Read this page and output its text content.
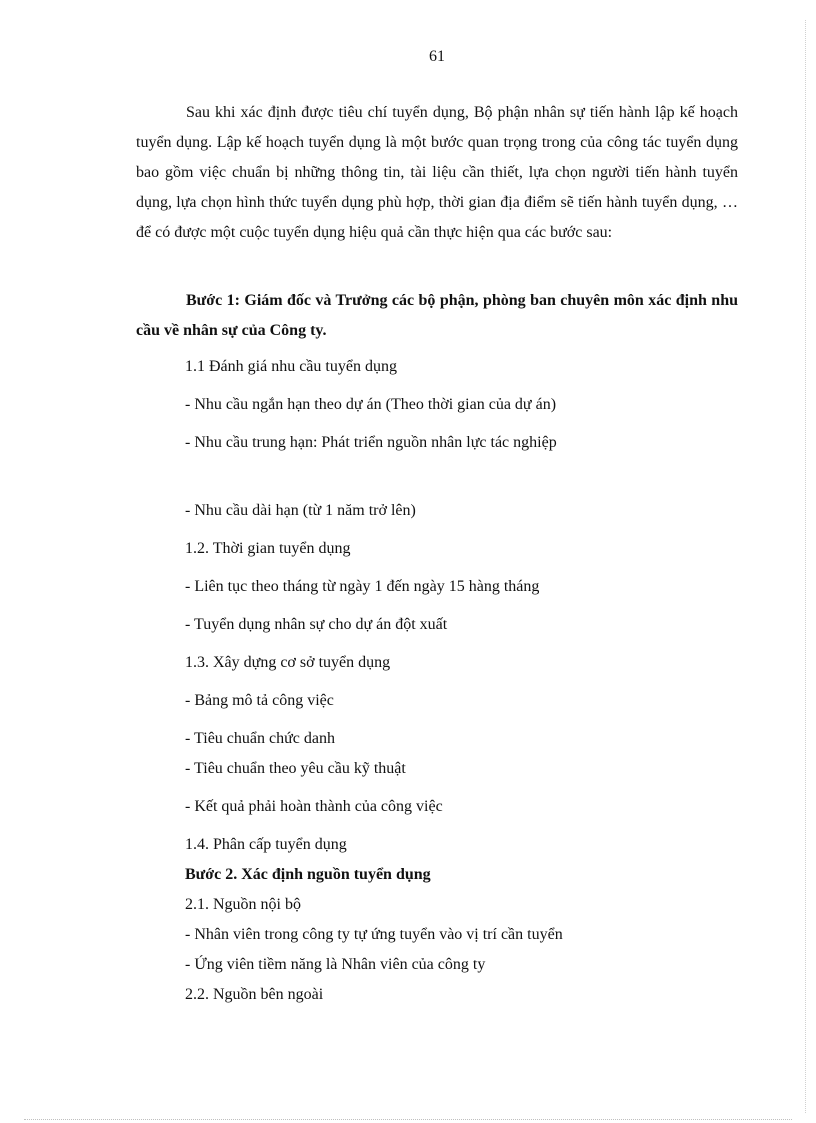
61

Sau khi xác định được tiêu chí tuyển dụng, Bộ phận nhân sự tiến hành lập kế hoạch tuyển dụng. Lập kế hoạch tuyển dụng là một bước quan trọng trong của công tác tuyển dụng bao gồm việc chuẩn bị những thông tin, tài liệu cần thiết, lựa chọn người tiến hành tuyển dụng, lựa chọn hình thức tuyển dụng phù hợp, thời gian địa điểm sẽ tiến hành tuyển dụng, … để có được một cuộc tuyển dụng hiệu quả cần thực hiện qua các bước sau:

Bước 1: Giám đốc và Trưởng các bộ phận, phòng ban chuyên môn xác định nhu cầu về nhân sự của Công ty.

1.1 Đánh giá nhu cầu tuyển dụng
- Nhu cầu ngắn hạn theo dự án (Theo thời gian của dự án)
- Nhu cầu trung hạn: Phát triển nguồn nhân lực tác nghiệp
- Nhu cầu dài hạn (từ 1 năm trở lên)
1.2. Thời gian tuyển dụng
- Liên tục theo tháng từ ngày 1 đến ngày 15 hàng tháng
- Tuyển dụng nhân sự cho dự án đột xuất
1.3. Xây dựng cơ sở tuyển dụng
- Bảng mô tả công việc
- Tiêu chuẩn chức danh
- Tiêu chuẩn theo yêu cầu kỹ thuật
- Kết quả phải hoàn thành của công việc
1.4. Phân cấp tuyển dụng
Bước 2. Xác định nguồn tuyển dụng
2.1. Nguồn nội bộ
- Nhân viên trong công ty tự ứng tuyển vào vị trí cần tuyển
- Ứng viên tiềm năng là Nhân viên của công ty
2.2. Nguồn bên ngoài
